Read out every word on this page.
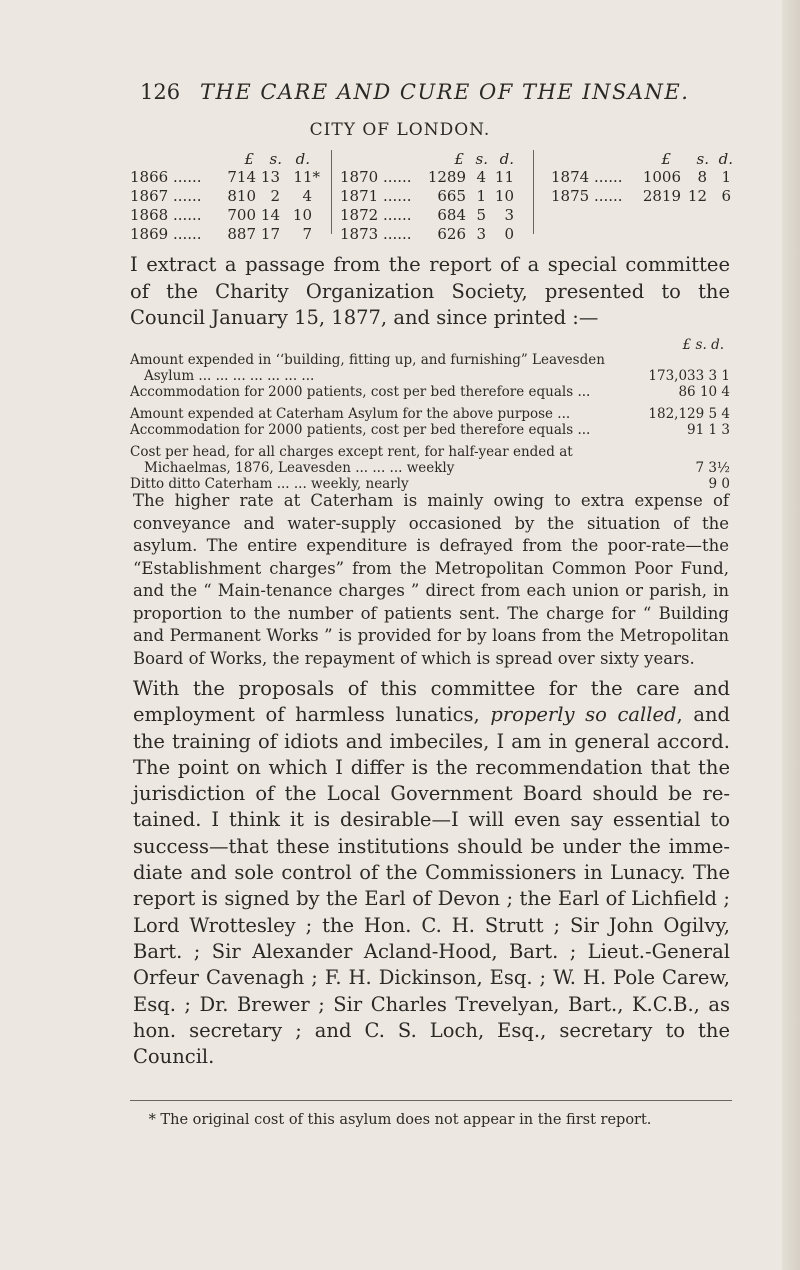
126 THE CARE AND CURE OF THE INSANE.
CITY OF LONDON.
£	s. d.
1866 ...... 714 13 11*
1867 ...... 810 2	4
1868 ...... 700 14 10
1869 ...... 887 17	7
£ s. d.
1870 ...... 1289 4 11
1871 ......	665 1 10
1872 ......	684 5	3
1873 ......	626 3	0
£	s. d.
1874 ...... 1006	8 1
1875 ...... 2819 12 6

I extract a passage from the report of a special committee of the Charity Organization Society, presented to the Council January 15, 1877, and since printed :—

£ s. d.
Amount expended in ‘‘building, fitting up, and furnishing” Leavesden
Asylum ... ... ... ... ... ... ...	173,033 3 1
Accommodation for 2000 patients, cost per bed therefore equals ...	86 10 4
Amount expended at Caterham Asylum for the above purpose ...	182,129 5 4
Accommodation for 2000 patients, cost per bed therefore equals ...	91 1 3
Cost per head, for all charges except rent, for half-year ended at
Michaelmas, 1876, Leavesden ... ... ... weekly	7 3½
Ditto ditto Caterham ... ... weekly, nearly	9 0

The higher rate at Caterham is mainly owing to extra expense of conveyance and water-supply occasioned by the situation of the asylum. The entire expenditure is defrayed from the poor-rate—the “Establishment charges” from the Metropolitan Common Poor Fund, and the “ Main-tenance charges ” direct from each union or parish, in proportion to the number of patients sent. The charge for “ Building and Permanent Works ” is provided for by loans from the Metropolitan Board of Works, the repayment of which is spread over sixty years.

With the proposals of this committee for the care and employment of harmless lunatics, properly so called, and the training of idiots and imbeciles, I am in general accord. The point on which I differ is the recommendation that the jurisdiction of the Local Government Board should be re-tained. I think it is desirable—I will even say essential to success—that these institutions should be under the imme-diate and sole control of the Commissioners in Lunacy. The report is signed by the Earl of Devon ; the Earl of Lichfield ; Lord Wrottesley ; the Hon. C. H. Strutt ; Sir John Ogilvy, Bart. ; Sir Alexander Acland-Hood, Bart. ; Lieut.-General Orfeur Cavenagh ; F. H. Dickinson, Esq. ; W. H. Pole Carew, Esq. ; Dr. Brewer ; Sir Charles Trevelyan, Bart., K.C.B., as hon. secretary ; and C. S. Loch, Esq., secretary to the Council.

* The original cost of this asylum does not appear in the first report.
